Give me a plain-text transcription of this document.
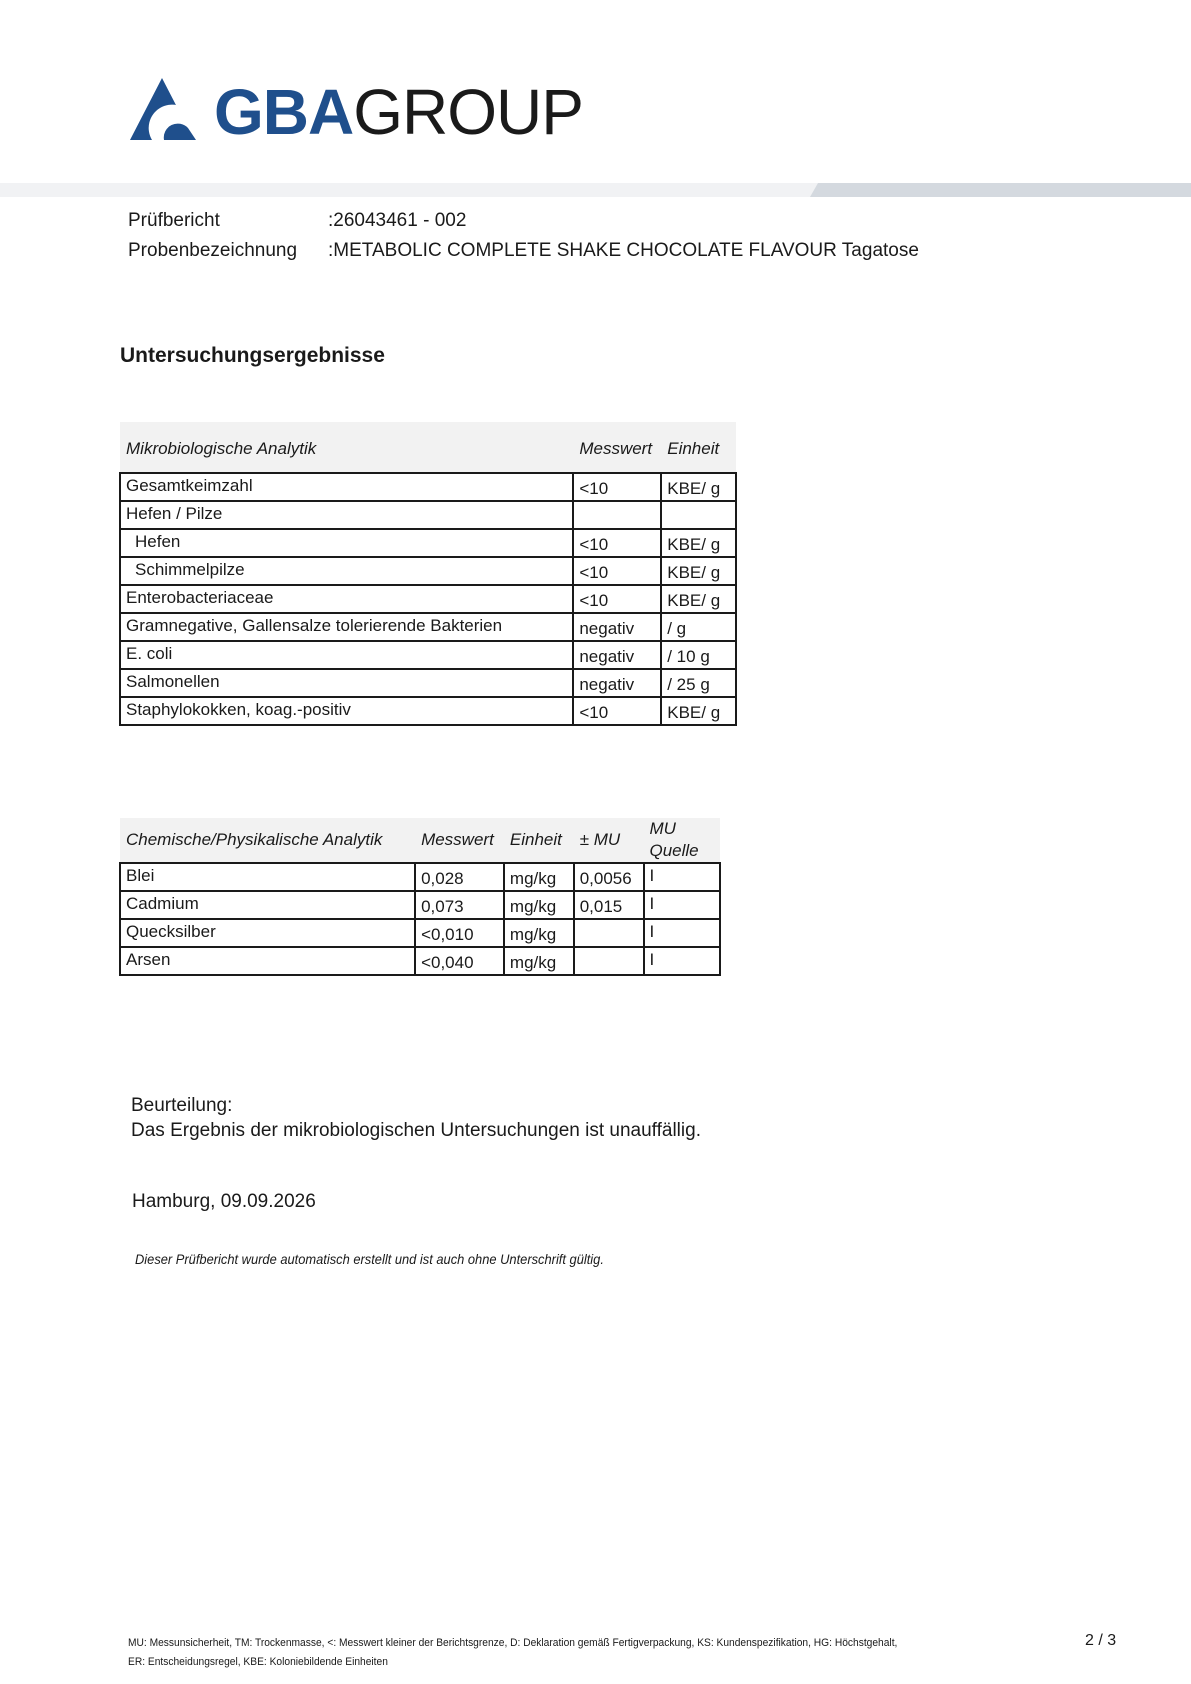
GBAGROUP
Prüfbericht	:26043461 - 002
Probenbezeichnung :METABOLIC COMPLETE SHAKE CHOCOLATE FLAVOUR Tagatose
Untersuchungsergebnisse
Mikrobiologische Analytik	Messwert	Einheit
Gesamtkeimzahl	<10	KBE/ g
Hefen / Pilze		
Hefen	<10	KBE/ g
Schimmelpilze	<10	KBE/ g
Enterobacteriaceae	<10	KBE/ g
Gramnegative, Gallensalze tolerierende Bakterien	negativ	/ g
E. coli	negativ	/ 10 g
Salmonellen	negativ	/ 25 g
Staphylokokken, koag.-positiv	<10	KBE/ g
Chemische/Physikalische Analytik	Messwert	Einheit	± MU	MU
Quelle
Blei	0,028	mg/kg	0,0056	I
Cadmium	0,073	mg/kg	0,015	I
Quecksilber	<0,010	mg/kg		I
Arsen	<0,040	mg/kg		I
Beurteilung:
Das Ergebnis der mikrobiologischen Untersuchungen ist unauffällig.
Hamburg, 09.09.2026
Dieser Prüfbericht wurde automatisch erstellt und ist auch ohne Unterschrift gültig.
MU: Messunsicherheit, TM: Trockenmasse, <: Messwert kleiner der Berichtsgrenze, D: Deklaration gemäß Fertigverpackung, KS: Kundenspezifikation, HG: Höchstgehalt,
ER: Entscheidungsregel, KBE: Koloniebildende Einheiten
2 / 3
